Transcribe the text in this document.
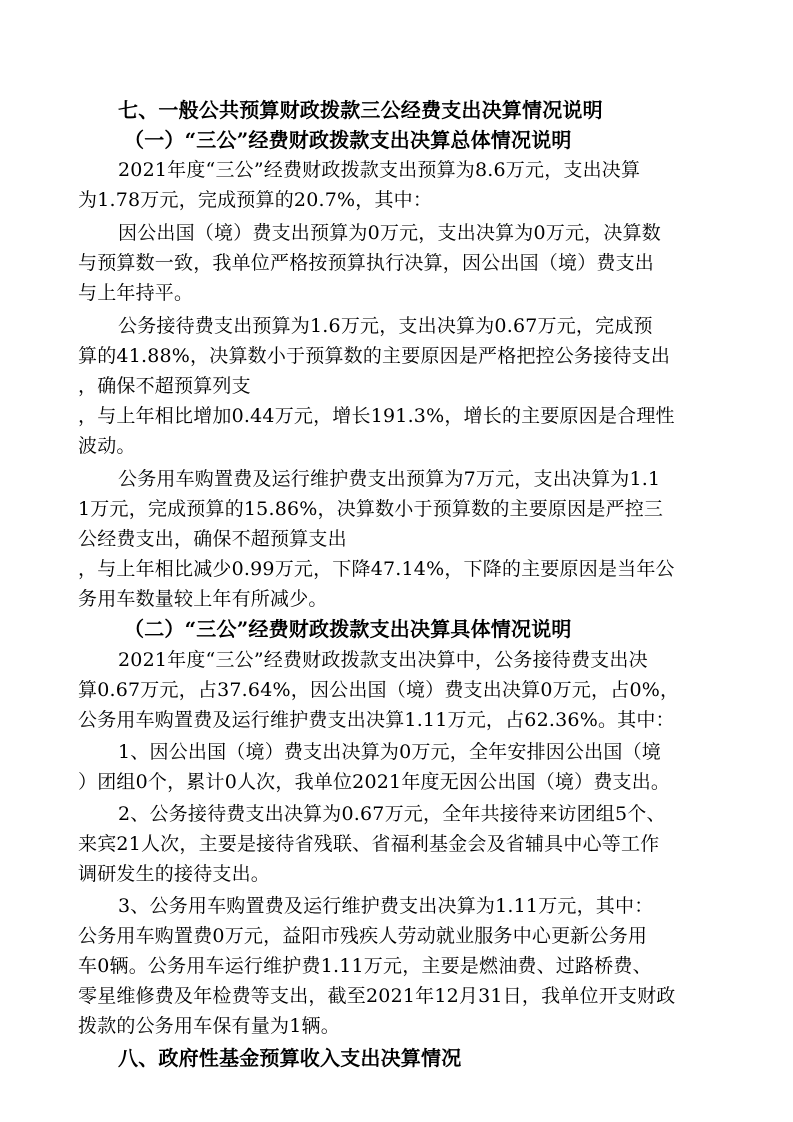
七、一般公共预算财政拨款三公经费支出决算情况说明
（一）“三公”经费财政拨款支出决算总体情况说明
2021年度“三公”经费财政拨款支出预算为8.6万元，支出决算
为1.78万元，完成预算的20.7%，其中：
因公出国（境）费支出预算为0万元，支出决算为0万元，决算数
与预算数一致，我单位严格按预算执行决算，因公出国（境）费支出
与上年持平。
公务接待费支出预算为1.6万元，支出决算为0.67万元，完成预
算的41.88%，决算数小于预算数的主要原因是严格把控公务接待支出
，确保不超预算列支
，与上年相比增加0.44万元，增长191.3%，增长的主要原因是合理性
波动。
公务用车购置费及运行维护费支出预算为7万元，支出决算为1.1
1万元，完成预算的15.86%，决算数小于预算数的主要原因是严控三
公经费支出，确保不超预算支出
，与上年相比减少0.99万元，下降47.14%，下降的主要原因是当年公
务用车数量较上年有所减少。
（二）“三公”经费财政拨款支出决算具体情况说明
2021年度“三公”经费财政拨款支出决算中，公务接待费支出决
算0.67万元，占37.64%，因公出国（境）费支出决算0万元，占0%，
公务用车购置费及运行维护费支出决算1.11万元，占62.36%。其中：
1、因公出国（境）费支出决算为0万元，全年安排因公出国（境
）团组0个，累计0人次，我单位2021年度无因公出国（境）费支出。
2、公务接待费支出决算为0.67万元，全年共接待来访团组5个、
来宾21人次，主要是接待省残联、省福利基金会及省辅具中心等工作
调研发生的接待支出。
3、公务用车购置费及运行维护费支出决算为1.11万元，其中：
公务用车购置费0万元，益阳市残疾人劳动就业服务中心更新公务用
车0辆。公务用车运行维护费1.11万元，主要是燃油费、过路桥费、
零星维修费及年检费等支出，截至2021年12月31日，我单位开支财政
拨款的公务用车保有量为1辆。
八、政府性基金预算收入支出决算情况
